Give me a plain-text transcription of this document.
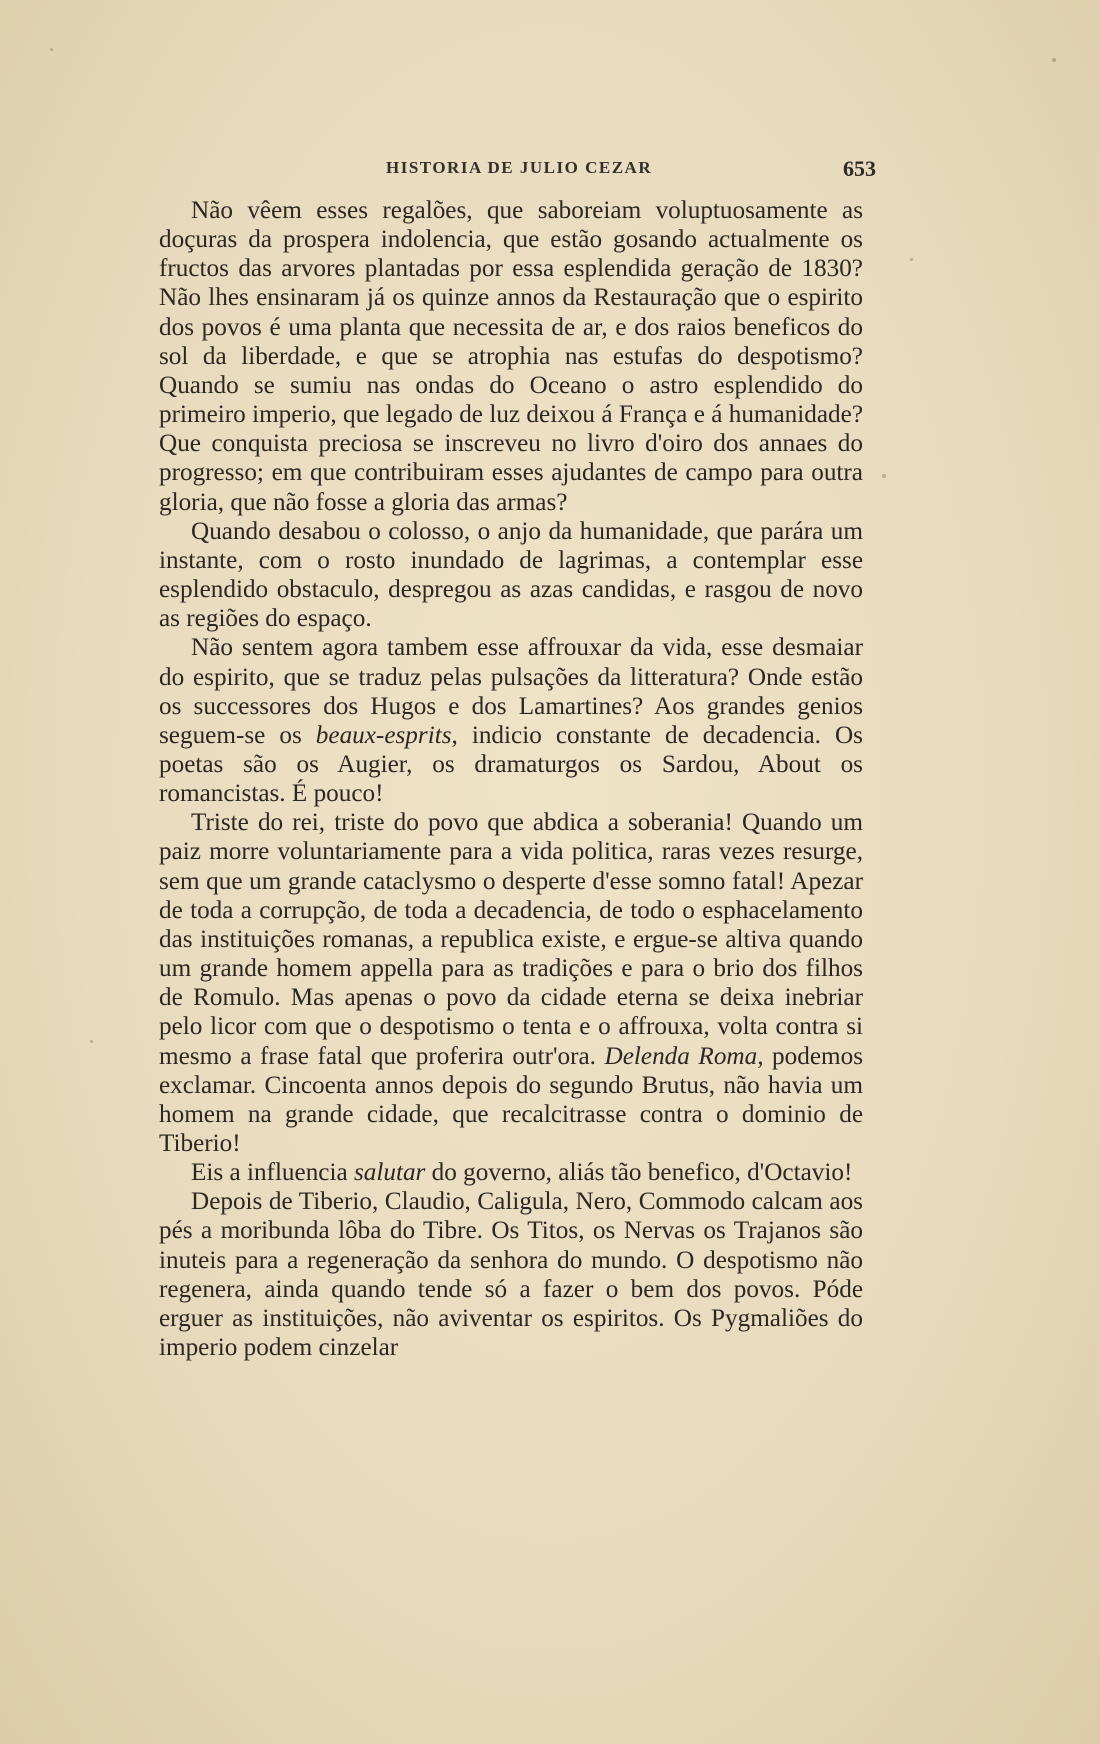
HISTORIA DE JULIO CEZAR	653

Não vêem esses regalões, que saboreiam voluptuosamente as doçuras da prospera indolencia, que estão gosando actualmente os fructos das arvores plantadas por essa esplendida geração de 1830? Não lhes ensinaram já os quinze annos da Restauração que o espirito dos povos é uma planta que necessita de ar, e dos raios beneficos do sol da liberdade, e que se atrophia nas estufas do despotismo? Quando se sumiu nas ondas do Oceano o astro esplendido do primeiro imperio, que legado de luz deixou á França e á humanidade? Que conquista preciosa se inscreveu no livro d'oiro dos annaes do progresso; em que contribuiram esses ajudantes de campo para outra gloria, que não fosse a gloria das armas?

Quando desabou o colosso, o anjo da humanidade, que parára um instante, com o rosto inundado de lagrimas, a contemplar esse esplendido obstaculo, despregou as azas candidas, e rasgou de novo as regiões do espaço.

Não sentem agora tambem esse affrouxar da vida, esse desmaiar do espirito, que se traduz pelas pulsações da litteratura? Onde estão os successores dos Hugos e dos Lamartines? Aos grandes genios seguem-se os beaux-esprits, indicio constante de decadencia. Os poetas são os Augier, os dramaturgos os Sardou, About os romancistas. É pouco!

Triste do rei, triste do povo que abdica a soberania! Quando um paiz morre voluntariamente para a vida politica, raras vezes resurge, sem que um grande cataclysmo o desperte d'esse somno fatal! Apezar de toda a corrupção, de toda a decadencia, de todo o esphacelamento das instituições romanas, a republica existe, e ergue-se altiva quando um grande homem appella para as tradições e para o brio dos filhos de Romulo. Mas apenas o povo da cidade eterna se deixa inebriar pelo licor com que o despotismo o tenta e o affrouxa, volta contra si mesmo a frase fatal que proferira outr'ora. Delenda Roma, podemos exclamar. Cincoenta annos depois do segundo Brutus, não havia um homem na grande cidade, que recalcitrasse contra o dominio de Tiberio!

Eis a influencia salutar do governo, aliás tão benefico, d'Octavio!

Depois de Tiberio, Claudio, Caligula, Nero, Commodo calcam aos pés a moribunda lôba do Tibre. Os Titos, os Nervas os Trajanos são inuteis para a regeneração da senhora do mundo. O despotismo não regenera, ainda quando tende só a fazer o bem dos povos. Póde erguer as instituições, não aviventar os espiritos. Os Pygmaliões do imperio podem cinzelar
